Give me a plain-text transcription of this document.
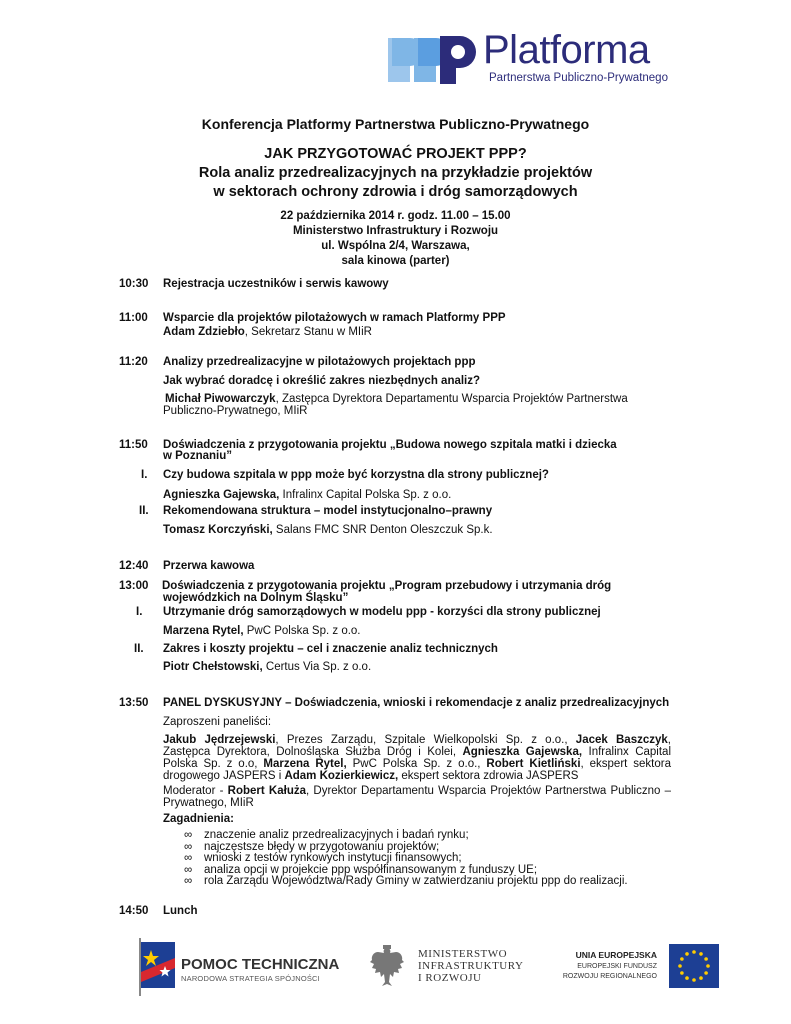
Platforma
Partnerstwa Publiczno-Prywatnego
Konferencja Platformy Partnerstwa Publiczno-Prywatnego
JAK PRZYGOTOWAĆ PROJEKT PPP?
Rola analiz przedrealizacyjnych na przykładzie projektów
w sektorach ochrony zdrowia i dróg samorządowych
22 października 2014 r. godz. 11.00 – 15.00
Ministerstwo Infrastruktury i Rozwoju
ul. Wspólna 2/4, Warszawa,
sala kinowa (parter)
10:30 Rejestracja uczestników i serwis kawowy
11:00 Wsparcie dla projektów pilotażowych w ramach Platformy PPP
Adam Zdziebło, Sekretarz Stanu w MIiR
11:20 Analizy przedrealizacyjne w pilotażowych projektach ppp
Jak wybrać doradcę i określić zakres niezbędnych analiz?
Michał Piwowarczyk, Zastępca Dyrektora Departamentu Wsparcia Projektów Partnerstwa
Publiczno-Prywatnego, MIiR
11:50 Doświadczenia z przygotowania projektu „Budowa nowego szpitala matki i dziecka
w Poznaniu”
I. Czy budowa szpitala w ppp może być korzystna dla strony publicznej?
Agnieszka Gajewska, Infralinx Capital Polska Sp. z o.o.
II. Rekomendowana struktura – model instytucjonalno–prawny
Tomasz Korczyński, Salans FMC SNR Denton Oleszczuk Sp.k.
12:40 Przerwa kawowa
13:00 Doświadczenia z przygotowania projektu „Program przebudowy i utrzymania dróg
wojewódzkich na Dolnym Śląsku”
I. Utrzymanie dróg samorządowych w modelu ppp - korzyści dla strony publicznej
Marzena Rytel, PwC Polska Sp. z o.o.
II. Zakres i koszty projektu – cel i znaczenie analiz technicznych
Piotr Chełstowski, Certus Via Sp. z o.o.
13:50 PANEL DYSKUSYJNY – Doświadczenia, wnioski i rekomendacje z analiz przedrealizacyjnych
Zaproszeni paneliści:
Jakub Jędrzejewski, Prezes Zarządu, Szpitale Wielkopolski Sp. z o.o., Jacek Baszczyk, Zastępca Dyrektora, Dolnośląska Służba Dróg i Kolei, Agnieszka Gajewska, Infralinx Capital Polska Sp. z o.o, Marzena Rytel, PwC Polska Sp. z o.o., Robert Kietliński, ekspert sektora drogowego JASPERS i Adam Kozierkiewicz, ekspert sektora zdrowia JASPERS
Moderator - Robert Kałuża, Dyrektor Departamentu Wsparcia Projektów Partnerstwa Publiczno – Prywatnego, MIiR
Zagadnienia:
∞ znaczenie analiz przedrealizacyjnych i badań rynku;
∞ najczęstsze błędy w przygotowaniu projektów;
∞ wnioski z testów rynkowych instytucji finansowych;
∞ analiza opcji w projekcie ppp współfinansowanym z funduszy UE;
∞ rola Zarządu Województwa/Rady Gminy w zatwierdzaniu projektu ppp do realizacji.
14:50 Lunch
POMOC TECHNICZNA
NARODOWA STRATEGIA SPÓJNOŚCI
MINISTERSTWO
INFRASTRUKTURY
I ROZWOJU
UNIA EUROPEJSKA
EUROPEJSKI FUNDUSZ
ROZWOJU REGIONALNEGO
